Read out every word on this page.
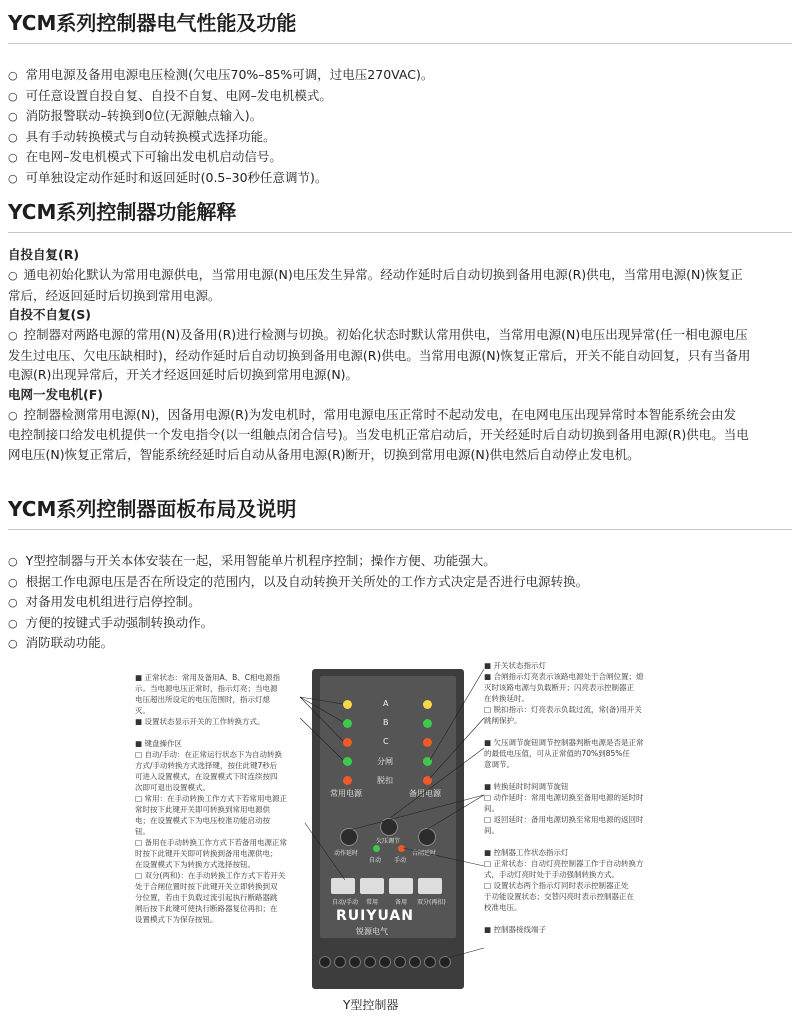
YCM系列控制器电气性能及功能
○ 常用电源及备用电源电压检测(欠电压70%–85%可调，过电压270VAC)。
○ 可任意设置自投自复、自投不自复、电网–发电机模式。
○ 消防报警联动–转换到0位(无源触点输入)。
○ 具有手动转换模式与自动转换模式选择功能。
○ 在电网–发电机模式下可输出发电机启动信号。
○ 可单独设定动作延时和返回延时(0.5–30秒任意调节)。
YCM系列控制器功能解释
自投自复(R)

○ 通电初始化默认为常用电源供电，当常用电源(N)电压发生异常。经动作延时后自动切换到备用电源(R)供电，当常用电源(N)恢复正
常后，经返回延时后切换到常用电源。

自投不自复(S)

○ 控制器对两路电源的常用(N)及备用(R)进行检测与切换。初始化状态时默认常用供电，当常用电源(N)电压出现异常(任一相电源电压
发生过电压、欠电压缺相时)，经动作延时后自动切换到备用电源(R)供电。当常用电源(N)恢复正常后，开关不能自动回复，只有当备用
电源(R)出现异常后，开关才经返回延时后切换到常用电源(N)。

电网一发电机(F)

○ 控制器检测常用电源(N)，因备用电源(R)为发电机时，常用电源电压正常时不起动发电，在电网电压出现异常时本智能系统会由发
电控制接口给发电机提供一个发电指令(以一组触点闭合信号)。当发电机正常启动后，开关经延时后自动切换到备用电源(R)供电。当电
网电压(N)恢复正常后，智能系统经延时后自动从备用电源(R)断开，切换到常用电源(N)供电然后自动停止发电机。

YCM系列控制器面板布局及说明
○ Y型控制器与开关本体安装在一起，采用智能单片机程序控制；操作方便、功能强大。
○ 根据工作电源电压是否在所设定的范围内，以及自动转换开关所处的工作方式决定是否进行电源转换。
○ 对备用发电机组进行启停控制。
○ 方便的按键式手动强制转换动作。
○ 消防联动功能。
■ 正常状态：常用及备用A、B、C相电源指
示。当电源电压正常时，指示灯亮；当电源
电压超出所设定的电压范围时，指示灯熄
灭。
■ 设置状态显示开关的工作转换方式。

■ 键盘操作区
□ 自动/手动：在正常运行状态下为自动转换
方式/手动转换方式选择键，按住此键7秒后
可进入设置模式，在设置模式下时连续按四
次即可退出设置模式。
□ 常用：在手动转换工作方式下若常用电源正
常时按下此键开关即可转换到常用电源供
电；在设置模式下为电压校准功能启动按
钮。
□ 备用在手动转换工作方式下若备用电源正常
时按下此键开关即可转换到备用电源供电；
在设置模式下为转换方式选择按钮。
□ 双分(两和)：在手动转换工作方式下若开关
处于合闸位置时按下此键开关立即转换到双
分位置，若由于负载过流引起执行断路器跳
闸后按下此键可使执行断路器复位再扣；在
设置模式下为保存按钮。
■ 开关状态指示灯
■ 合闸指示灯亮表示该路电源处于合闸位置；熄
灭时该路电源与负载断开；闪亮表示控制器正
在转换延时。
□ 脱扣指示：灯亮表示负载过流，常(备)用开关
跳闸保护。

■ 欠压调节旋钮调节控制器判断电源是否是正常
的最低电压值，可从正常值的70%到85%任
意调节。

■ 转换延时时间调节旋钮
□ 动作延时：常用电源切换至备用电源的延时时
间。
□ 返回延时：备用电源切换至常用电源的返回时
间。

■ 控制器工作状态指示灯
□ 正常状态：自动灯亮控制器工作于自动转换方
式，手动灯亮时处于手动强制转换方式。
□ 设置状态两个指示灯同时表示控制器正处
于功能设置状态；交替闪亮时表示控制器正在
校准电压。

■ 控制器接线端子
A
B
C
分闸
脱扣
常用电源	备用电源
动作延时
欠压调节
合闸延时
自动 手动
自动/手动 常用	备用 双分(再扣)
RUIYUAN
锐源电气
Y型控制器
